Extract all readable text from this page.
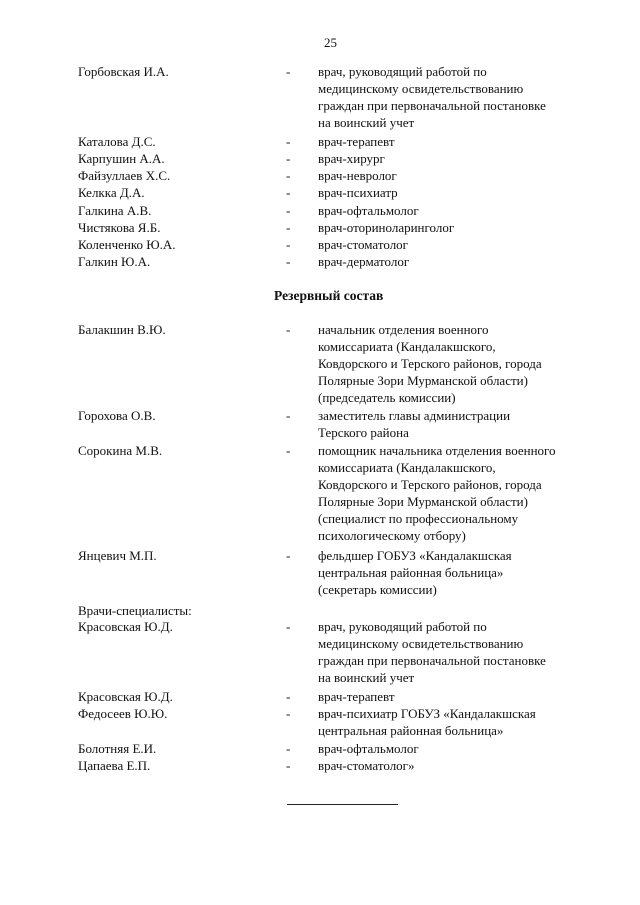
25
Горбовская И.А.	- врач, руководящий работой по
медицинскому освидетельствованию
граждан при первоначальной постановке
на воинский учет
Каталова Д.С.	- врач-терапевт
Карпушин А.А.	- врач-хирург
Файзуллаев Х.С.	- врач-невролог
Келкка Д.А.	- врач-психиатр
Галкина А.В.	- врач-офтальмолог
Чистякова Я.Б.	- врач-оториноларинголог
Коленченко Ю.А.	- врач-стоматолог
Галкин Ю.А.	- врач-дерматолог
Резервный состав
Балакшин В.Ю.	- начальник отделения военного
комиссариата (Кандалакшского,
Ковдорского и Терского районов, города
Полярные Зори Мурманской области)
(председатель комиссии)
Горохова О.В.	- заместитель главы администрации
Терского района
Сорокина М.В.	- помощник начальника отделения военного
комиссариата (Кандалакшского,
Ковдорского и Терского районов, города
Полярные Зори Мурманской области)
(специалист по профессиональному
психологическому отбору)
Янцевич М.П.	- фельдшер ГОБУЗ «Кандалакшская
центральная районная больница»
(секретарь комиссии)
Врачи-специалисты:
Красовская Ю.Д.	- врач, руководящий работой по
медицинскому освидетельствованию
граждан при первоначальной постановке
на воинский учет
Красовская Ю.Д.	- врач-терапевт
Федосеев Ю.Ю.	- врач-психиатр ГОБУЗ «Кандалакшская
центральная районная больница»
Болотняя Е.И.	- врач-офтальмолог
Цапаева Е.П.	- врач-стоматолог»
